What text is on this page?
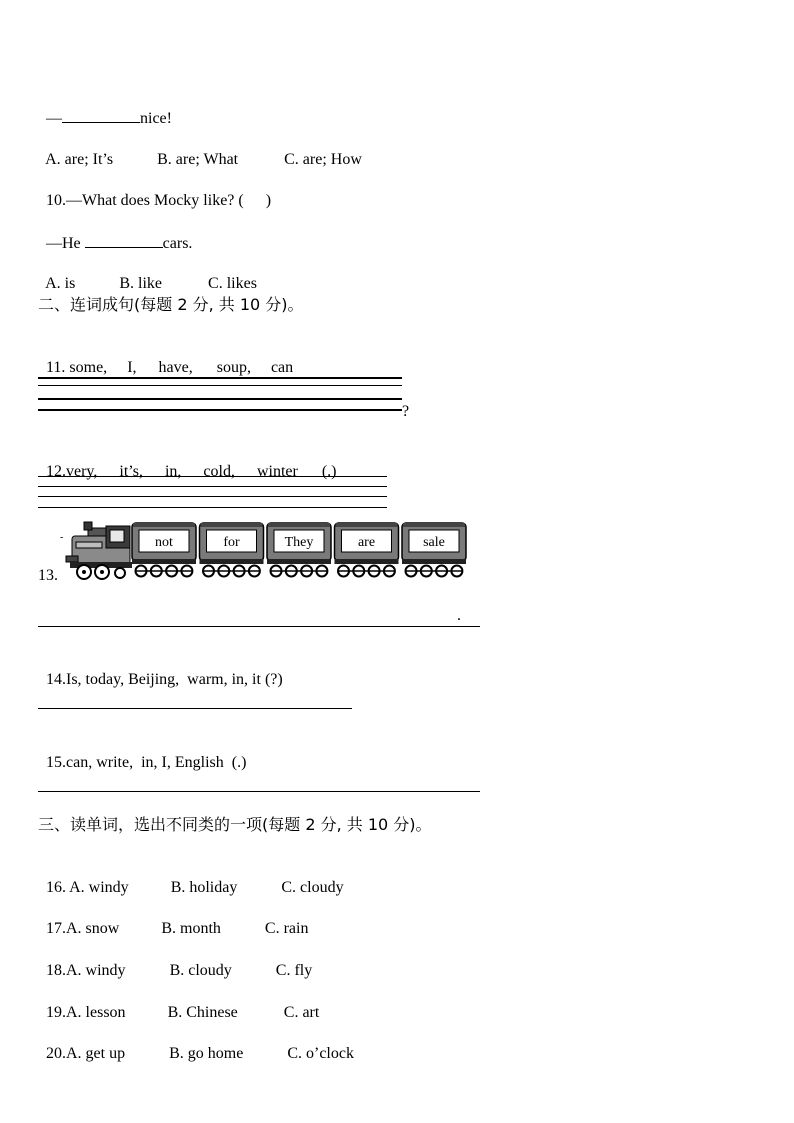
—	nice!

A. are; It’s	B. are; What	C. are; How

10.—What does Mocky like? ( )

—He	cars.

A. is	B. like	C. likes

二、连词成句(每题 2 分, 共 10 分)。

11. some, I, have, soup, can

?

12.very, it’s, in, cold, winter (.)

13.
-	not	for	They	are	sale
.

14.Is, today, Beijing,  warm, in, it (?)

15.can, write,  in, I, English  (.)

三、读单词，选出不同类的一项(每题 2 分, 共 10 分)。

16. A. windy	B. holiday	C. cloudy

17.A. snow	B. month	C. rain

18.A. windy	B. cloudy	C. fly

19.A. lesson	B. Chinese	C. art

20.A. get up	B. go home	C. o’clock
